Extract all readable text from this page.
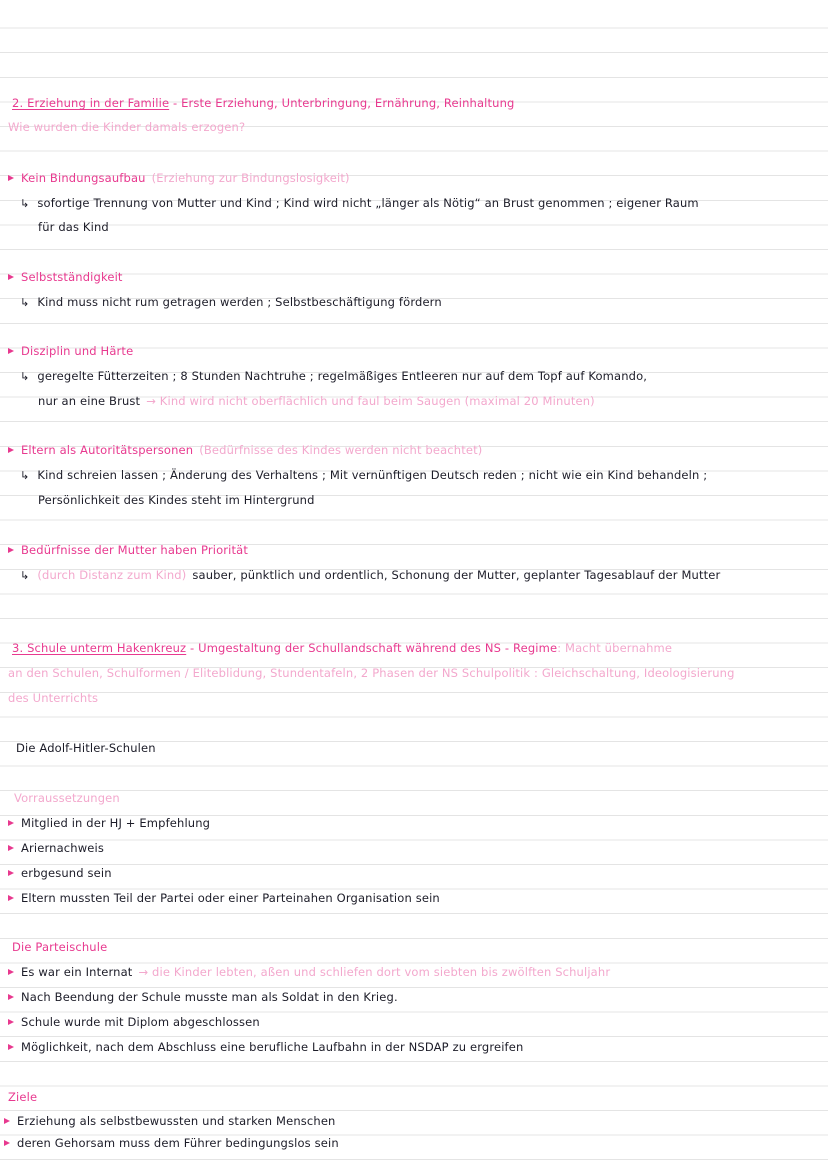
2. Erziehung in der Familie - Erste Erziehung, Unterbringung, Ernährung, Reinhaltung
Wie wurden die Kinder damals erzogen?
Kein Bindungsaufbau (Erziehung zur Bindungslosigkeit)
↳ sofortige Trennung von Mutter und Kind ; Kind wird nicht „länger als Nötig“ an Brust genommen ; eigener Raum
für das Kind
Selbstständigkeit
↳ Kind muss nicht rum getragen werden ; Selbstbeschäftigung fördern
Disziplin und Härte
↳ geregelte Fütterzeiten ; 8 Stunden Nachtruhe ; regelmäßiges Entleeren nur auf dem Topf auf Komando,
nur an eine Brust → Kind wird nicht oberflächlich und faul beim Saugen (maximal 20 Minuten)
Eltern als Autoritätspersonen (Bedürfnisse des Kindes werden nicht beachtet)
↳ Kind schreien lassen ; Änderung des Verhaltens ; Mit vernünftigen Deutsch reden ; nicht wie ein Kind behandeln ;
Persönlichkeit des Kindes steht im Hintergrund
Bedürfnisse der Mutter haben Priorität
↳ (durch Distanz zum Kind) sauber, pünktlich und ordentlich, Schonung der Mutter, geplanter Tagesablauf der Mutter
3. Schule unterm Hakenkreuz - Umgestaltung der Schullandschaft während des NS - Regime: Macht übernahme
an den Schulen, Schulformen / Eliteblidung, Stundentafeln, 2 Phasen der NS Schulpolitik : Gleichschaltung, Ideologisierung
des Unterrichts
Die Adolf-Hitler-Schulen
Vorraussetzungen
Mitglied in der HJ + Empfehlung
Ariernachweis
erbgesund sein
Eltern mussten Teil der Partei oder einer Parteinahen Organisation sein
Die Parteischule
Es war ein Internat → die Kinder lebten, aßen und schliefen dort vom siebten bis zwölften Schuljahr
Nach Beendung der Schule musste man als Soldat in den Krieg.
Schule wurde mit Diplom abgeschlossen
Möglichkeit, nach dem Abschluss eine berufliche Laufbahn in der NSDAP zu ergreifen
Ziele
Erziehung als selbstbewussten und starken Menschen
deren Gehorsam muss dem Führer bedingungslos sein
